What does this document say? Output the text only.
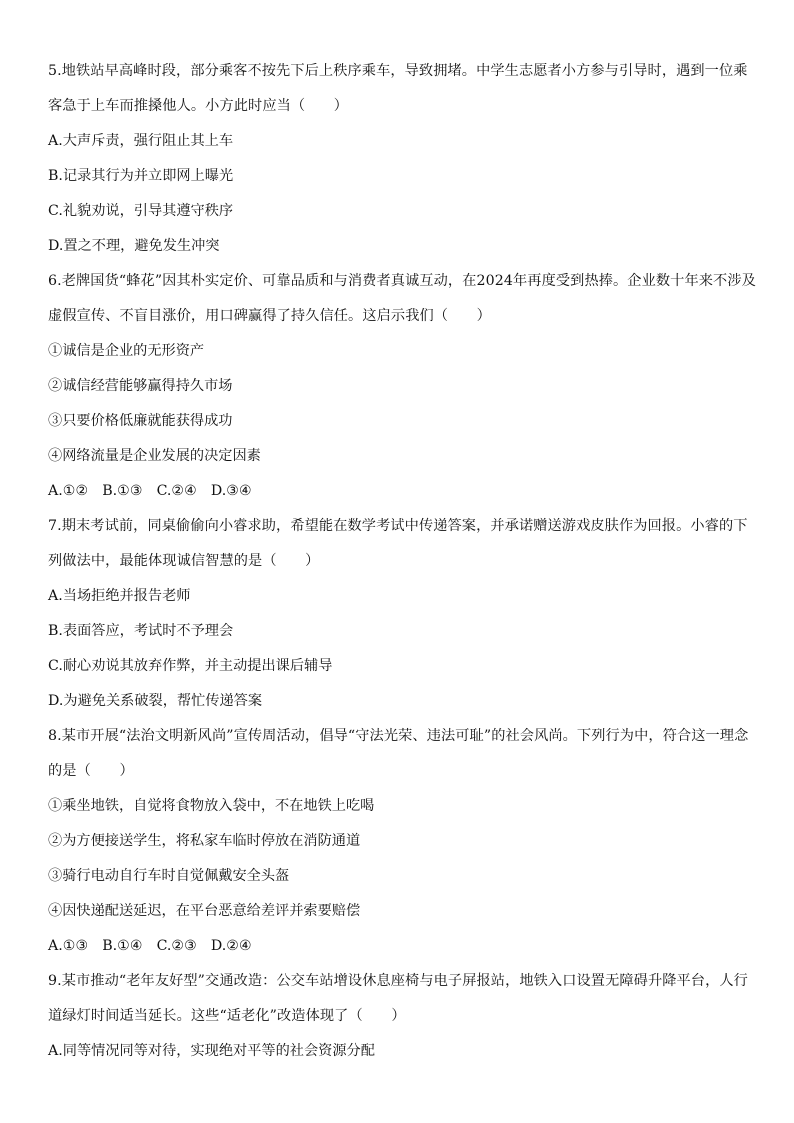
5.地铁站早高峰时段，部分乘客不按先下后上秩序乘车，导致拥堵。中学生志愿者小方参与引导时，遇到一位乘客急于上车而推搡他人。小方此时应当（　　）

A.大声斥责，强行阻止其上车

B.记录其行为并立即网上曝光

C.礼貌劝说，引导其遵守秩序

D.置之不理，避免发生冲突

6.老牌国货“蜂花”因其朴实定价、可靠品质和与消费者真诚互动，在2024年再度受到热捧。企业数十年来不涉及虚假宣传、不盲目涨价，用口碑赢得了持久信任。这启示我们（　　）

①诚信是企业的无形资产

②诚信经营能够赢得持久市场

③只要价格低廉就能获得成功

④网络流量是企业发展的决定因素

A.①② B.①③ C.②④ D.③④

7.期末考试前，同桌偷偷向小睿求助，希望能在数学考试中传递答案，并承诺赠送游戏皮肤作为回报。小睿的下列做法中，最能体现诚信智慧的是（　　）

A.当场拒绝并报告老师

B.表面答应，考试时不予理会

C.耐心劝说其放弃作弊，并主动提出课后辅导

D.为避免关系破裂，帮忙传递答案

8.某市开展“法治文明新风尚”宣传周活动，倡导“守法光荣、违法可耻”的社会风尚。下列行为中，符合这一理念的是（　　）

①乘坐地铁，自觉将食物放入袋中，不在地铁上吃喝

②为方便接送学生，将私家车临时停放在消防通道

③骑行电动自行车时自觉佩戴安全头盔

④因快递配送延迟，在平台恶意给差评并索要赔偿

A.①③ B.①④ C.②③ D.②④

9.某市推动“老年友好型”交通改造：公交车站增设休息座椅与电子屏报站，地铁入口设置无障碍升降平台，人行道绿灯时间适当延长。这些“适老化”改造体现了（　　）

A.同等情况同等对待，实现绝对平等的社会资源分配
